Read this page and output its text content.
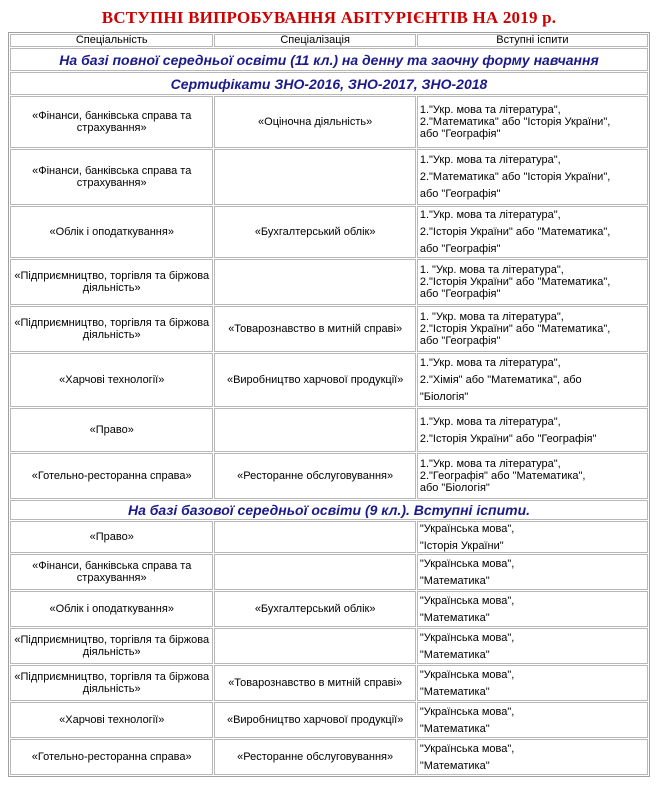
ВСТУПНІ ВИПРОБУВАННЯ АБІТУРІЄНТІВ НА 2019 р.
Спеціальність	Спеціалізація	Вступні іспити
На базі повної середньої освіти (11 кл.) на денну та заочну форму навчання		
Сертифікати ЗНО-2016, ЗНО-2017, ЗНО-2018		
«Фінанси, банківська справа та страхування»	«Оціночна діяльність»	1."Укр. мова та література",
2."Математика" або "Історія України",
або "Географія"

«Фінанси, банківська справа та страхування»		1."Укр. мова та література",
2."Математика" або "Історія України",
або "Географія"

«Облік і оподаткування»	«Бухгалтерський облік»	1."Укр. мова та література",
2."Історія України" або "Математика",
або "Географія"

«Підприємництво, торгівля та біржова діяльність»		1. "Укр. мова та література",
2."Історія України" або "Математика",
або "Географія"

«Підприємництво, торгівля та біржова діяльність»	«Товарознавство в митній справі»	1. "Укр. мова та література",
2."Історія України" або "Математика",
або "Географія"

«Харчові технології»	«Виробництво харчової продукції»	1."Укр. мова та література",
2."Хімія" або "Математика", або
"Біологія"

«Право»		1."Укр. мова та література",
2."Історія України" або "Географія"

«Готельно-ресторанна справа»	«Ресторанне обслуговування»	1."Укр. мова та література",
2."Географія" або "Математика",
або "Біологія"

На базі базової середньої освіти (9 кл.). Вступні іспити.		
«Право»		"Українська мова",
"Історія України"

«Фінанси, банківська справа та страхування»		"Українська мова",
"Математика"

«Облік і оподаткування»	«Бухгалтерський облік»	"Українська мова",
"Математика"

«Підприємництво, торгівля та біржова діяльність»		"Українська мова",
"Математика"

«Підприємництво, торгівля та біржова діяльність»	«Товарознавство в митній справі»	"Українська мова",
"Математика"

«Харчові технології»	«Виробництво харчової продукції»	"Українська мова",
"Математика"

«Готельно-ресторанна справа»	«Ресторанне обслуговування»	"Українська мова",
"Математика"
